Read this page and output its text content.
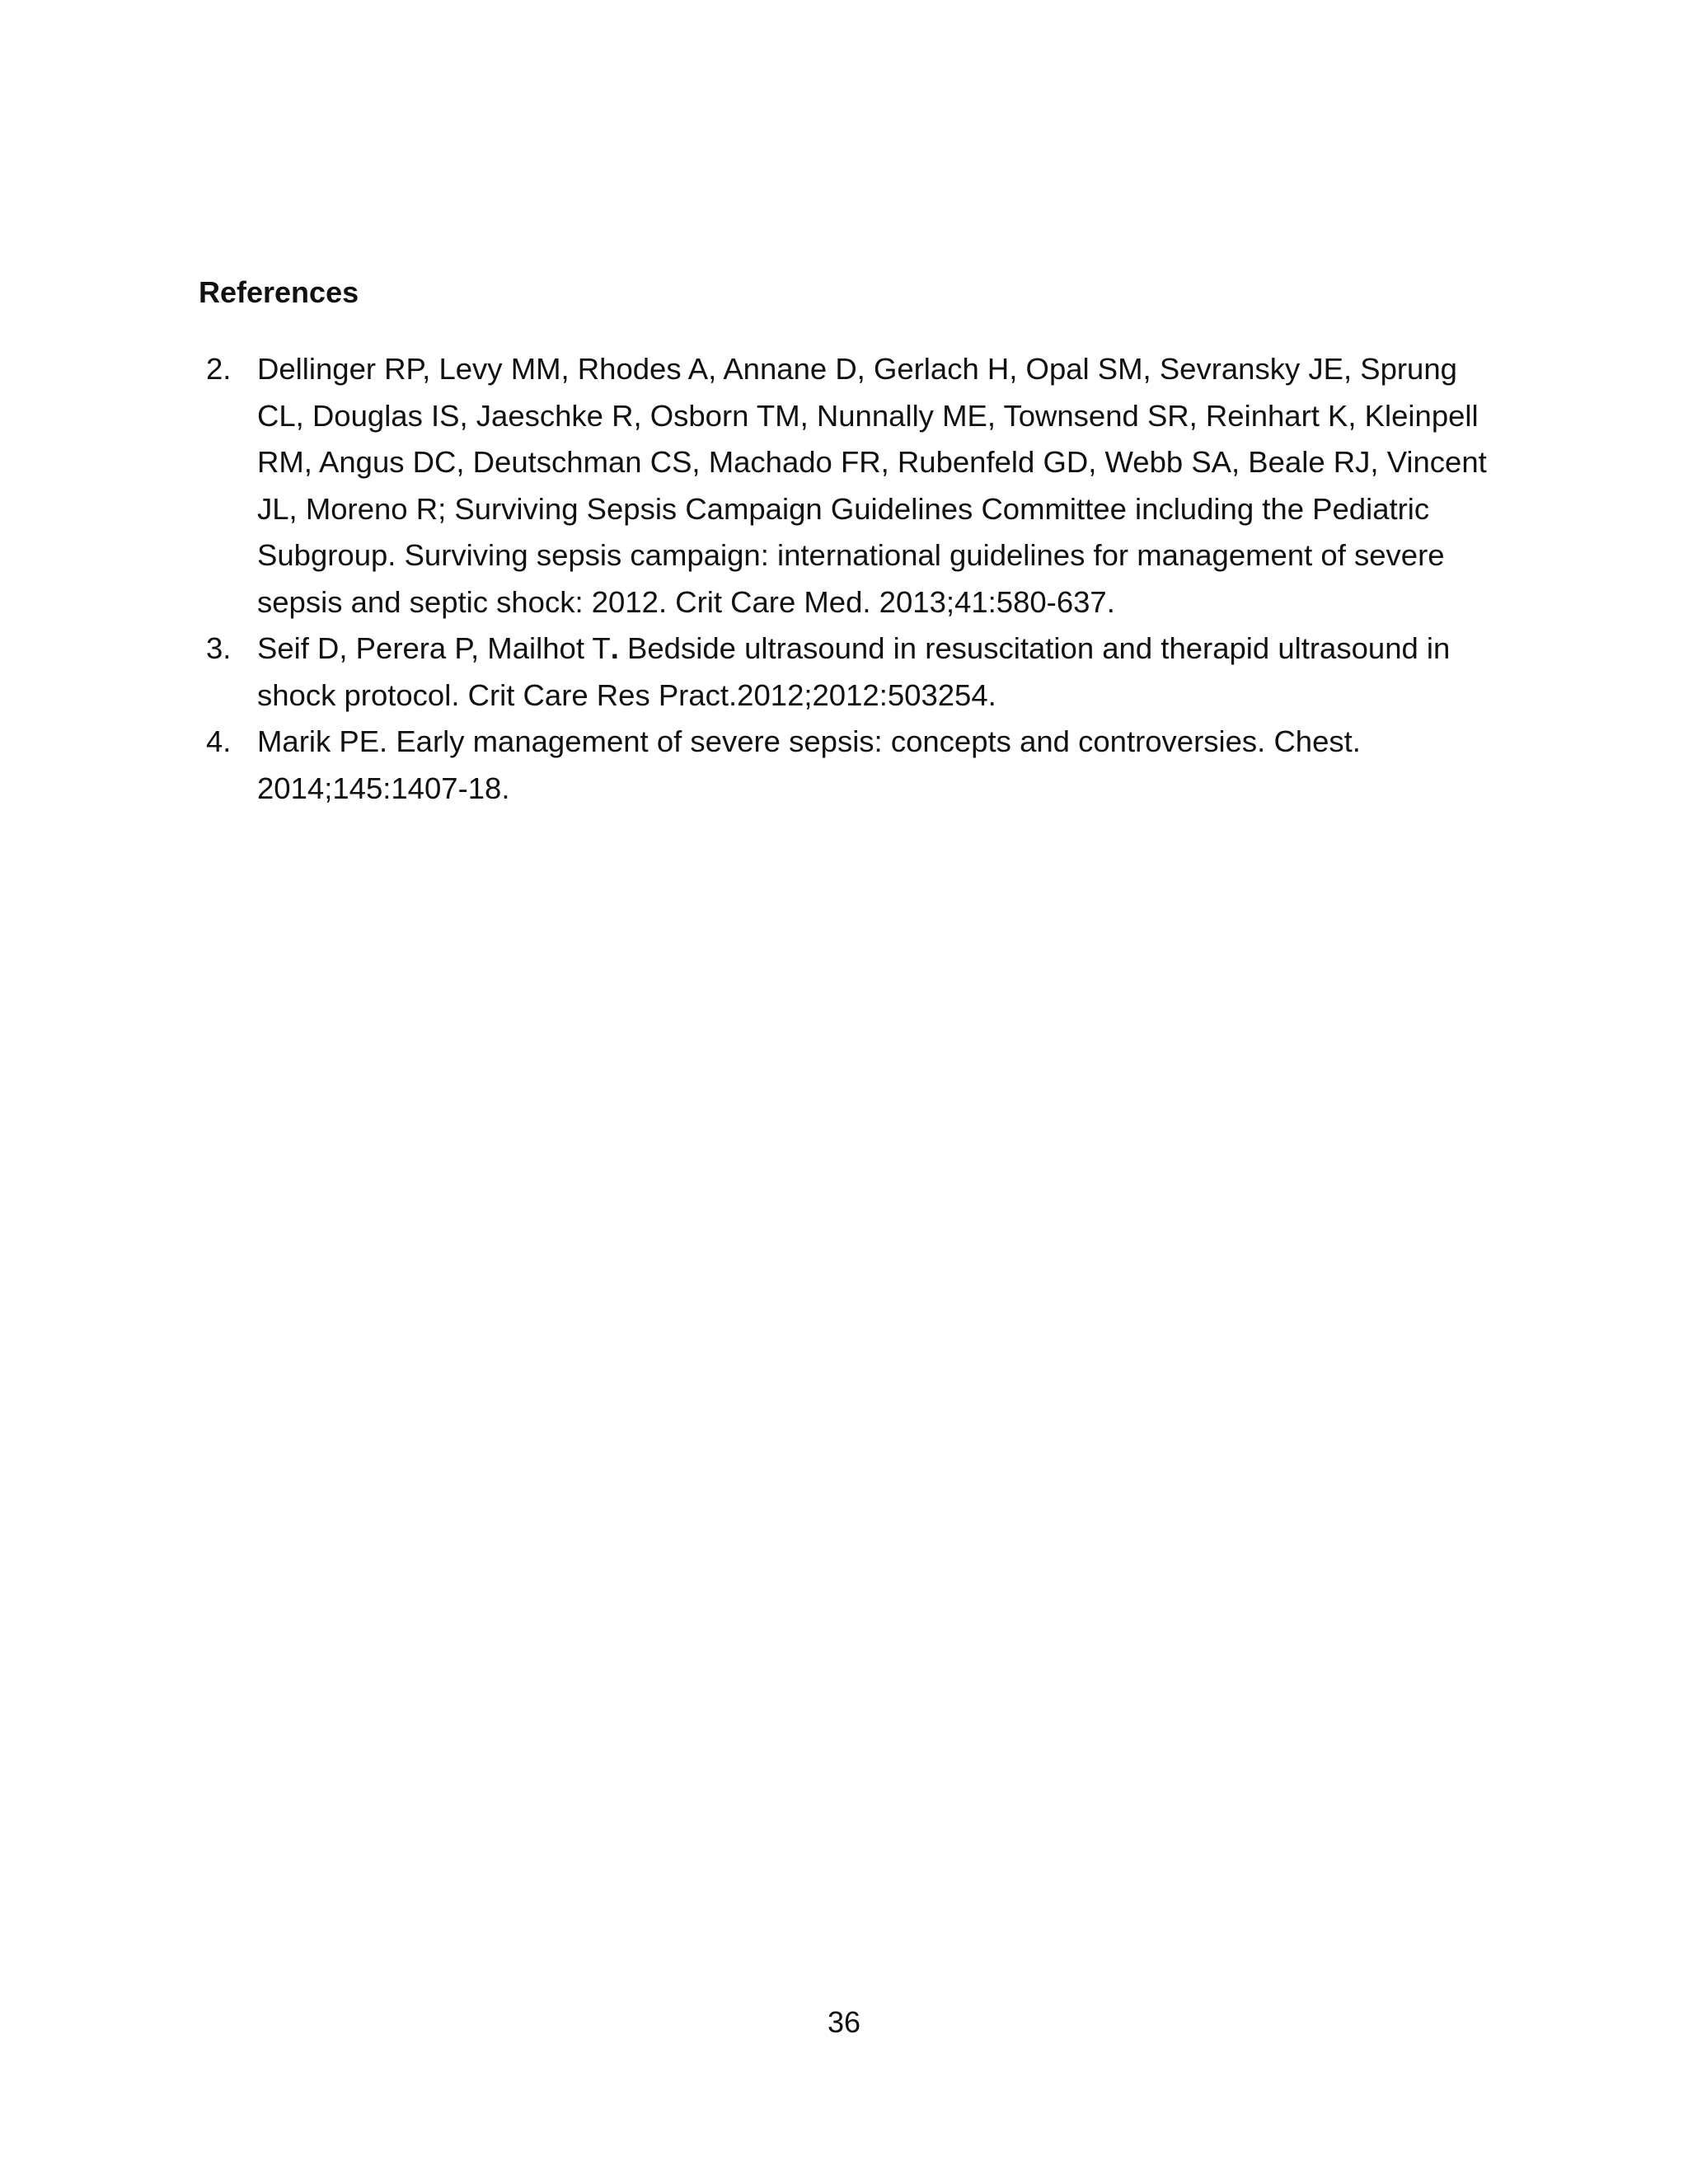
References
2. Dellinger RP, Levy MM, Rhodes A, Annane D, Gerlach H, Opal SM, Sevransky JE, Sprung CL, Douglas IS, Jaeschke R, Osborn TM, Nunnally ME, Townsend SR, Reinhart K, Kleinpell RM, Angus DC, Deutschman CS, Machado FR, Rubenfeld GD, Webb SA, Beale RJ, Vincent JL, Moreno R; Surviving Sepsis Campaign Guidelines Committee including the Pediatric Subgroup. Surviving sepsis campaign: international guidelines for management of severe sepsis and septic shock: 2012. Crit Care Med. 2013;41:580-637.
3. Seif D, Perera P, Mailhot T. Bedside ultrasound in resuscitation and therapid ultrasound in shock protocol. Crit Care Res Pract.2012;2012:503254.
4. Marik PE. Early management of severe sepsis: concepts and controversies. Chest. 2014;145:1407-18.
36
